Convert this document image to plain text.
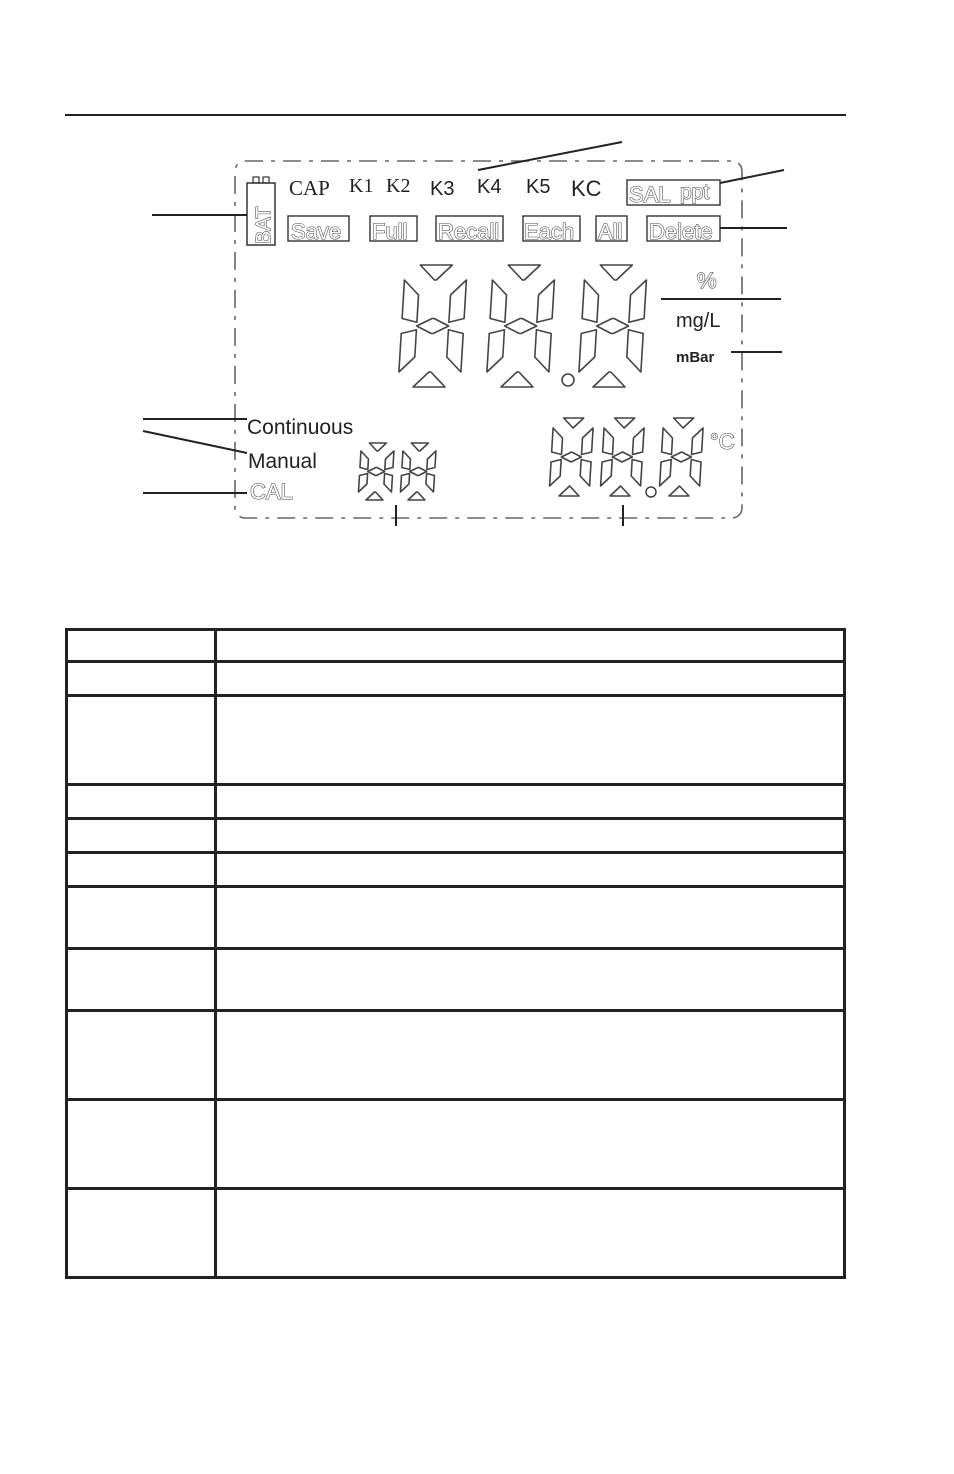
BAT
CAP K1 K2 K3 K4 K5 KC SAL ppt
Save Full Recall Each All Delete
%
mg/L
mBar
Continuous
Manual
CAL
°C
